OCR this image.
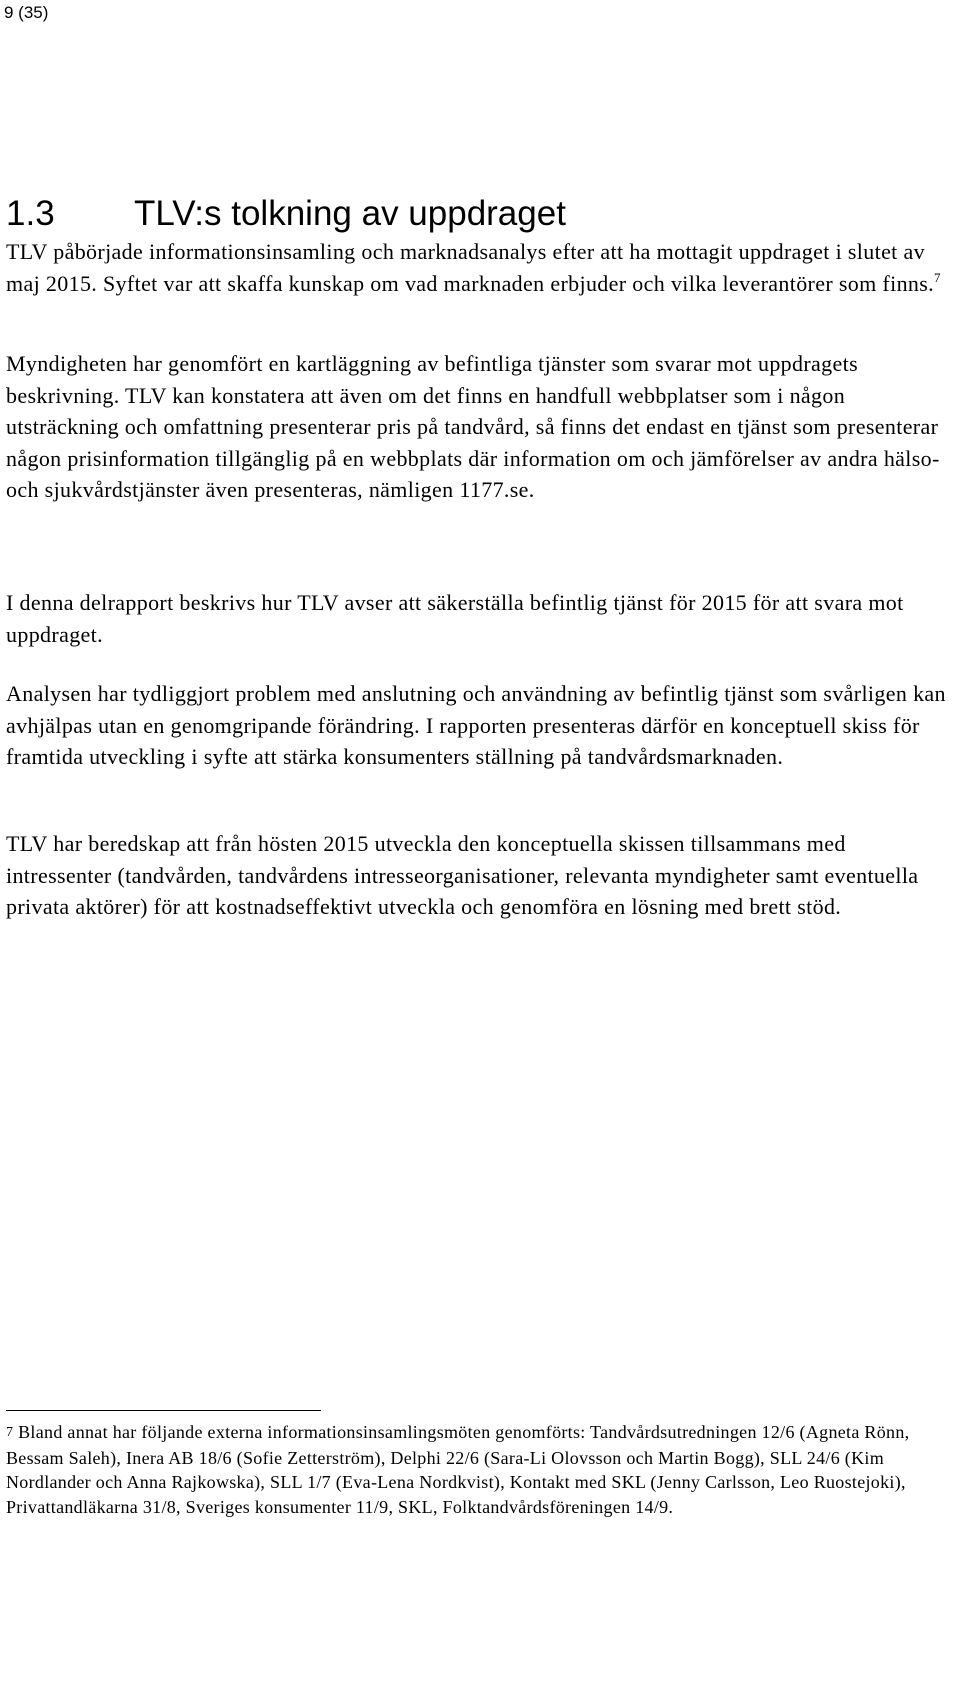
9 (35)
1.3 TLV:s tolkning av uppdraget

TLV påbörjade informationsinsamling och marknadsanalys efter att ha mottagit uppdraget i slutet av maj 2015. Syftet var att skaffa kunskap om vad marknaden erbjuder och vilka leverantörer som finns.$^7$

Myndigheten har genomfört en kartläggning av befintliga tjänster som svarar mot uppdragets beskrivning. TLV kan konstatera att även om det finns en handfull webbplatser som i någon utsträckning och omfattning presenterar pris på tandvård, så finns det endast en tjänst som presenterar någon prisinformation tillgänglig på en webbplats där information om och jämförelser av andra hälso- och sjukvårdstjänster även presenteras, nämligen 1177.se.

I denna delrapport beskrivs hur TLV avser att säkerställa befintlig tjänst för 2015 för att svara mot uppdraget.

Analysen har tydliggjort problem med anslutning och användning av befintlig tjänst som svårligen kan avhjälpas utan en genomgripande förändring. I rapporten presenteras därför en konceptuell skiss för framtida utveckling i syfte att stärka konsumenters ställning på tandvårdsmarknaden.

TLV har beredskap att från hösten 2015 utveckla den konceptuella skissen tillsammans med intressenter (tandvården, tandvårdens intresseorganisationer, relevanta myndigheter samt eventuella privata aktörer) för att kostnadseffektivt utveckla och genomföra en lösning med brett stöd.

7 Bland annat har följande externa informationsinsamlingsmöten genomförts: Tandvårdsutredningen 12/6 (Agneta Rönn, Bessam Saleh), Inera AB 18/6 (Sofie Zetterström), Delphi 22/6 (Sara-Li Olovsson och Martin Bogg), SLL 24/6 (Kim Nordlander och Anna Rajkowska), SLL 1/7 (Eva-Lena Nordkvist), Kontakt med SKL (Jenny Carlsson, Leo Ruostejoki), Privattandläkarna 31/8, Sveriges konsumenter 11/9, SKL, Folktandvårdsföreningen 14/9.
